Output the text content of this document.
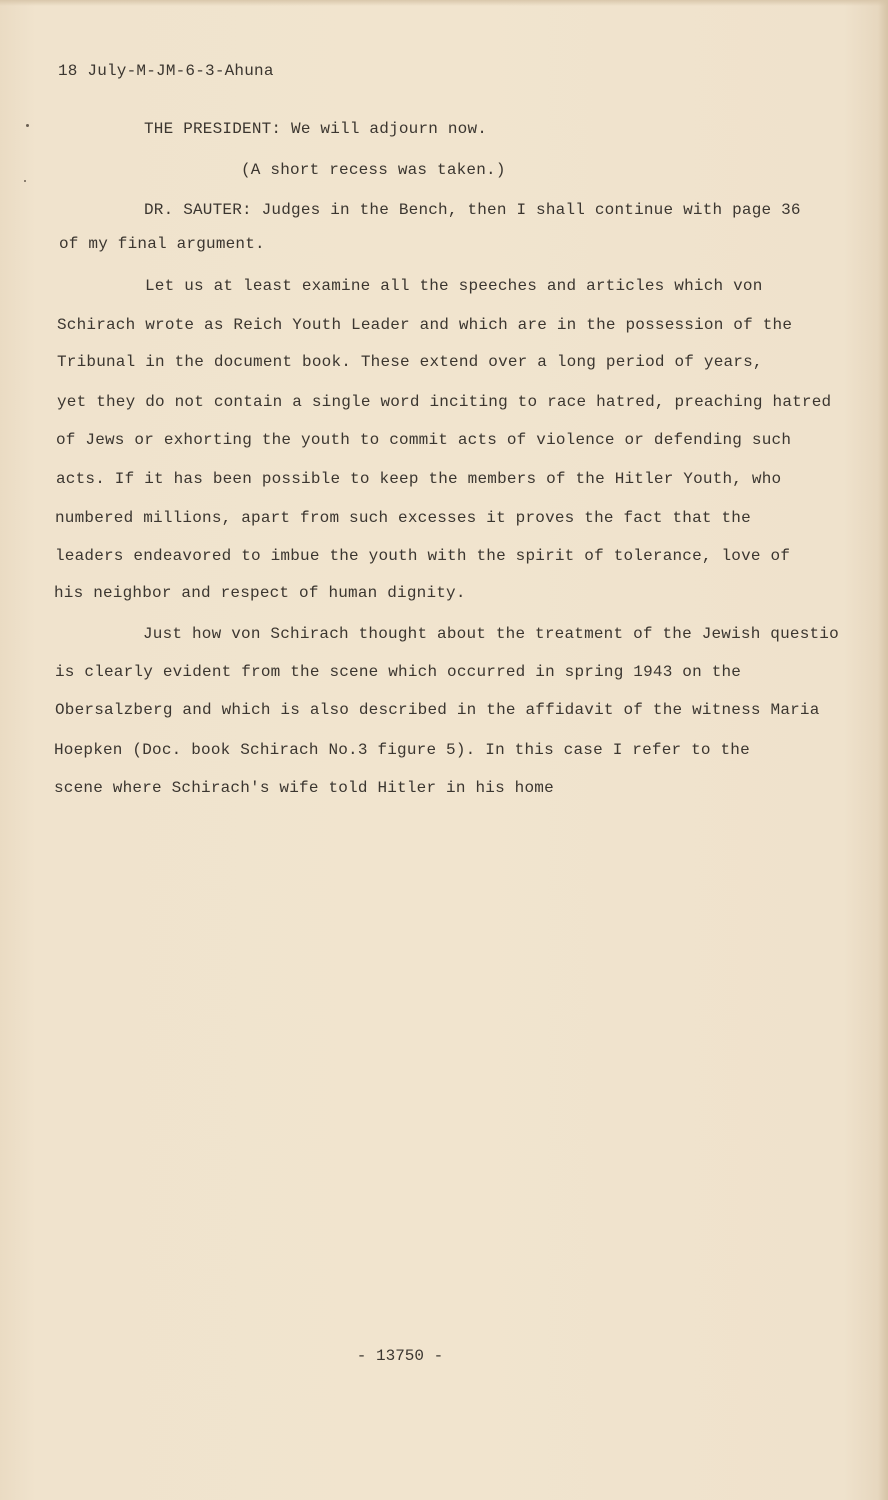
18 July-M-JM-6-3-Ahuna
THE PRESIDENT: We will adjourn now.
(A short recess was taken.)
DR. SAUTER: Judges in the Bench, then I shall continue with page 36
of my final argument.
Let us at least examine all the speeches and articles which von
Schirach wrote as Reich Youth Leader and which are in the possession of the
Tribunal in the document book. These extend over a long period of years,
yet they do not contain a single word inciting to race hatred, preaching hatred
of Jews or exhorting the youth to commit acts of violence or defending such
acts. If it has been possible to keep the members of the Hitler Youth, who
numbered millions, apart from such excesses it proves the fact that the
leaders endeavored to imbue the youth with the spirit of tolerance, love of
his neighbor and respect of human dignity.
Just how von Schirach thought about the treatment of the Jewish questio
is clearly evident from the scene which occurred in spring 1943 on the
Obersalzberg and which is also described in the affidavit of the witness Maria
Hoepken (Doc. book Schirach No.3 figure 5). In this case I refer to the
scene where Schirach's wife told Hitler in his home
- 13750 -
